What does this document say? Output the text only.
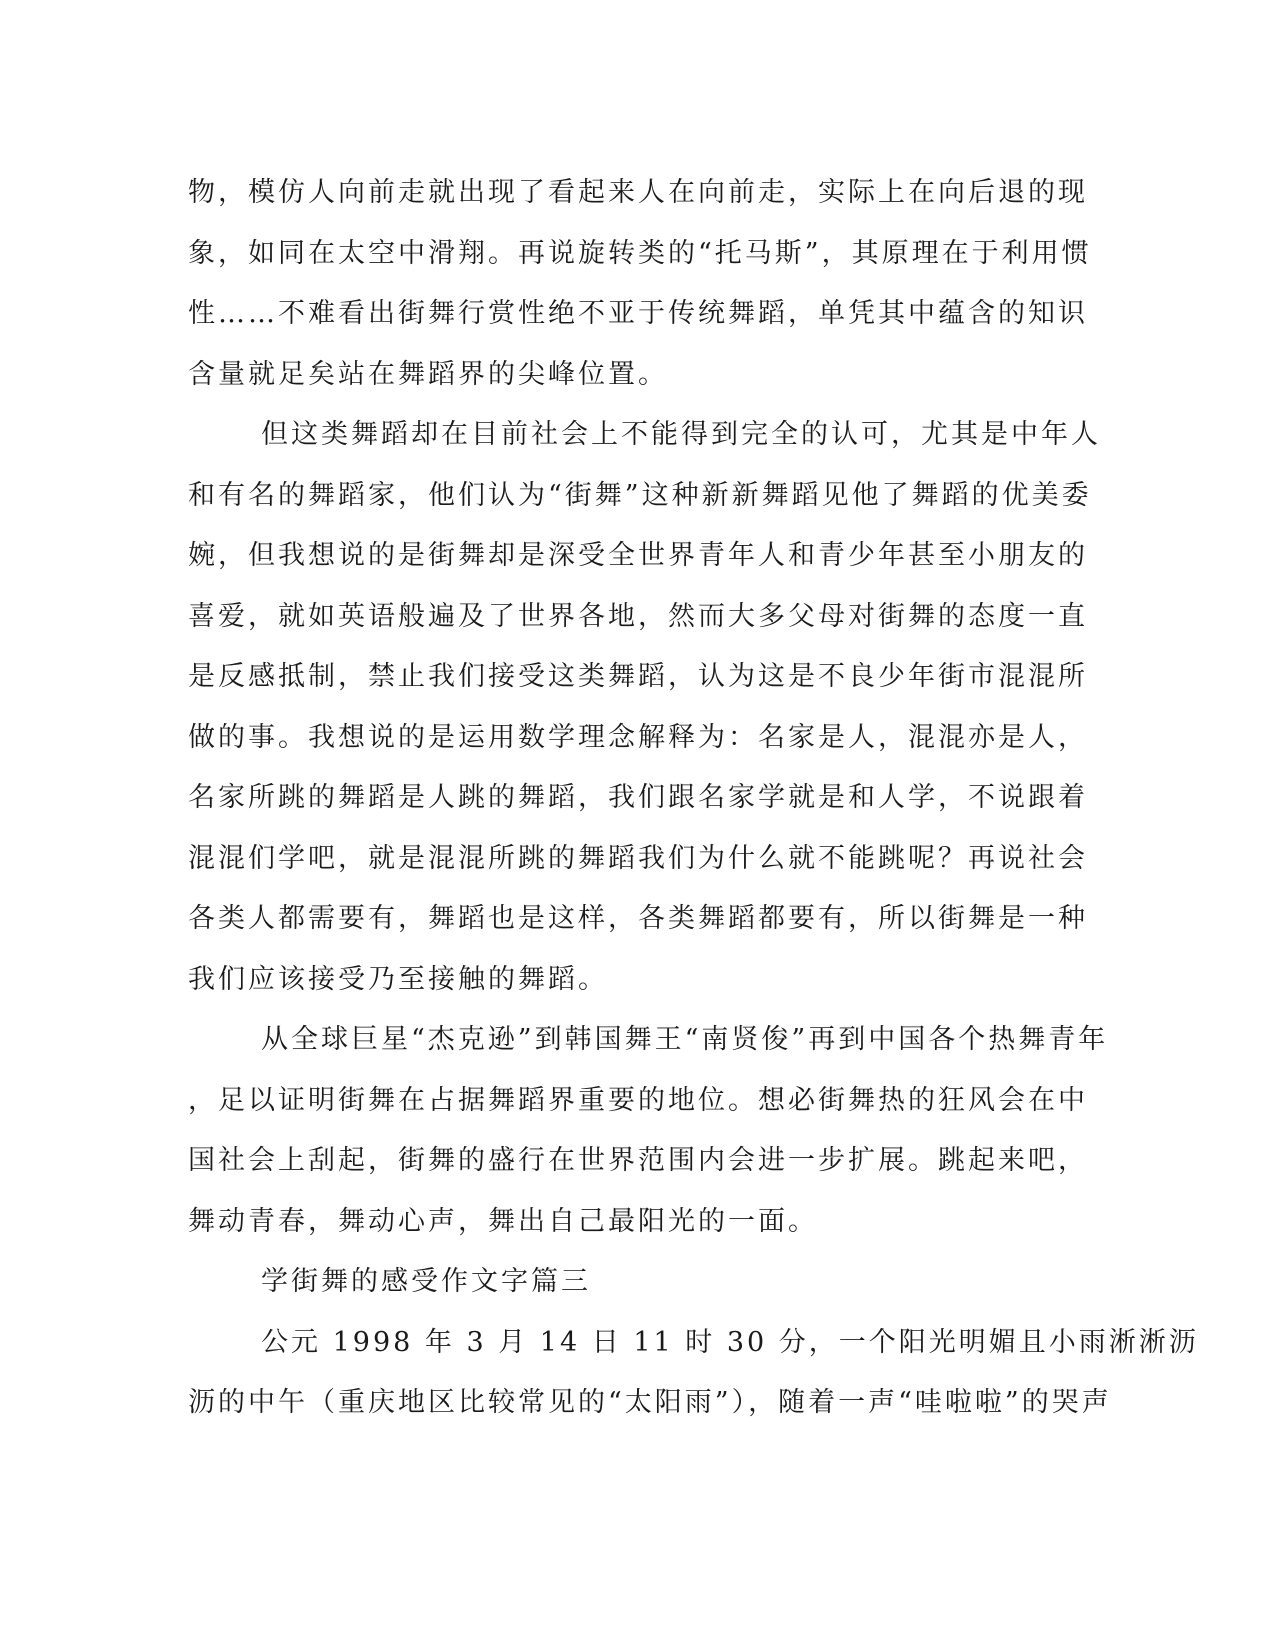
物，模仿人向前走就出现了看起来人在向前走，实际上在向后退的现
象，如同在太空中滑翔。再说旋转类的“托马斯”，其原理在于利用惯
性……不难看出街舞行赏性绝不亚于传统舞蹈，单凭其中蕴含的知识
含量就足矣站在舞蹈界的尖峰位置。
但这类舞蹈却在目前社会上不能得到完全的认可，尤其是中年人
和有名的舞蹈家，他们认为“街舞”这种新新舞蹈见他了舞蹈的优美委
婉，但我想说的是街舞却是深受全世界青年人和青少年甚至小朋友的
喜爱，就如英语般遍及了世界各地，然而大多父母对街舞的态度一直
是反感抵制，禁止我们接受这类舞蹈，认为这是不良少年街市混混所
做的事。我想说的是运用数学理念解释为：名家是人，混混亦是人，
名家所跳的舞蹈是人跳的舞蹈，我们跟名家学就是和人学，不说跟着
混混们学吧，就是混混所跳的舞蹈我们为什么就不能跳呢？再说社会
各类人都需要有，舞蹈也是这样，各类舞蹈都要有，所以街舞是一种
我们应该接受乃至接触的舞蹈。
从全球巨星“杰克逊”到韩国舞王“南贤俊”再到中国各个热舞青年
，足以证明街舞在占据舞蹈界重要的地位。想必街舞热的狂风会在中
国社会上刮起，街舞的盛行在世界范围内会进一步扩展。跳起来吧，
舞动青春，舞动心声，舞出自己最阳光的一面。
学街舞的感受作文字篇三
公元 1998 年 3 月 14 日 11 时 30 分，一个阳光明媚且小雨淅淅沥
沥的中午（重庆地区比较常见的“太阳雨”），随着一声“哇啦啦”的哭声
